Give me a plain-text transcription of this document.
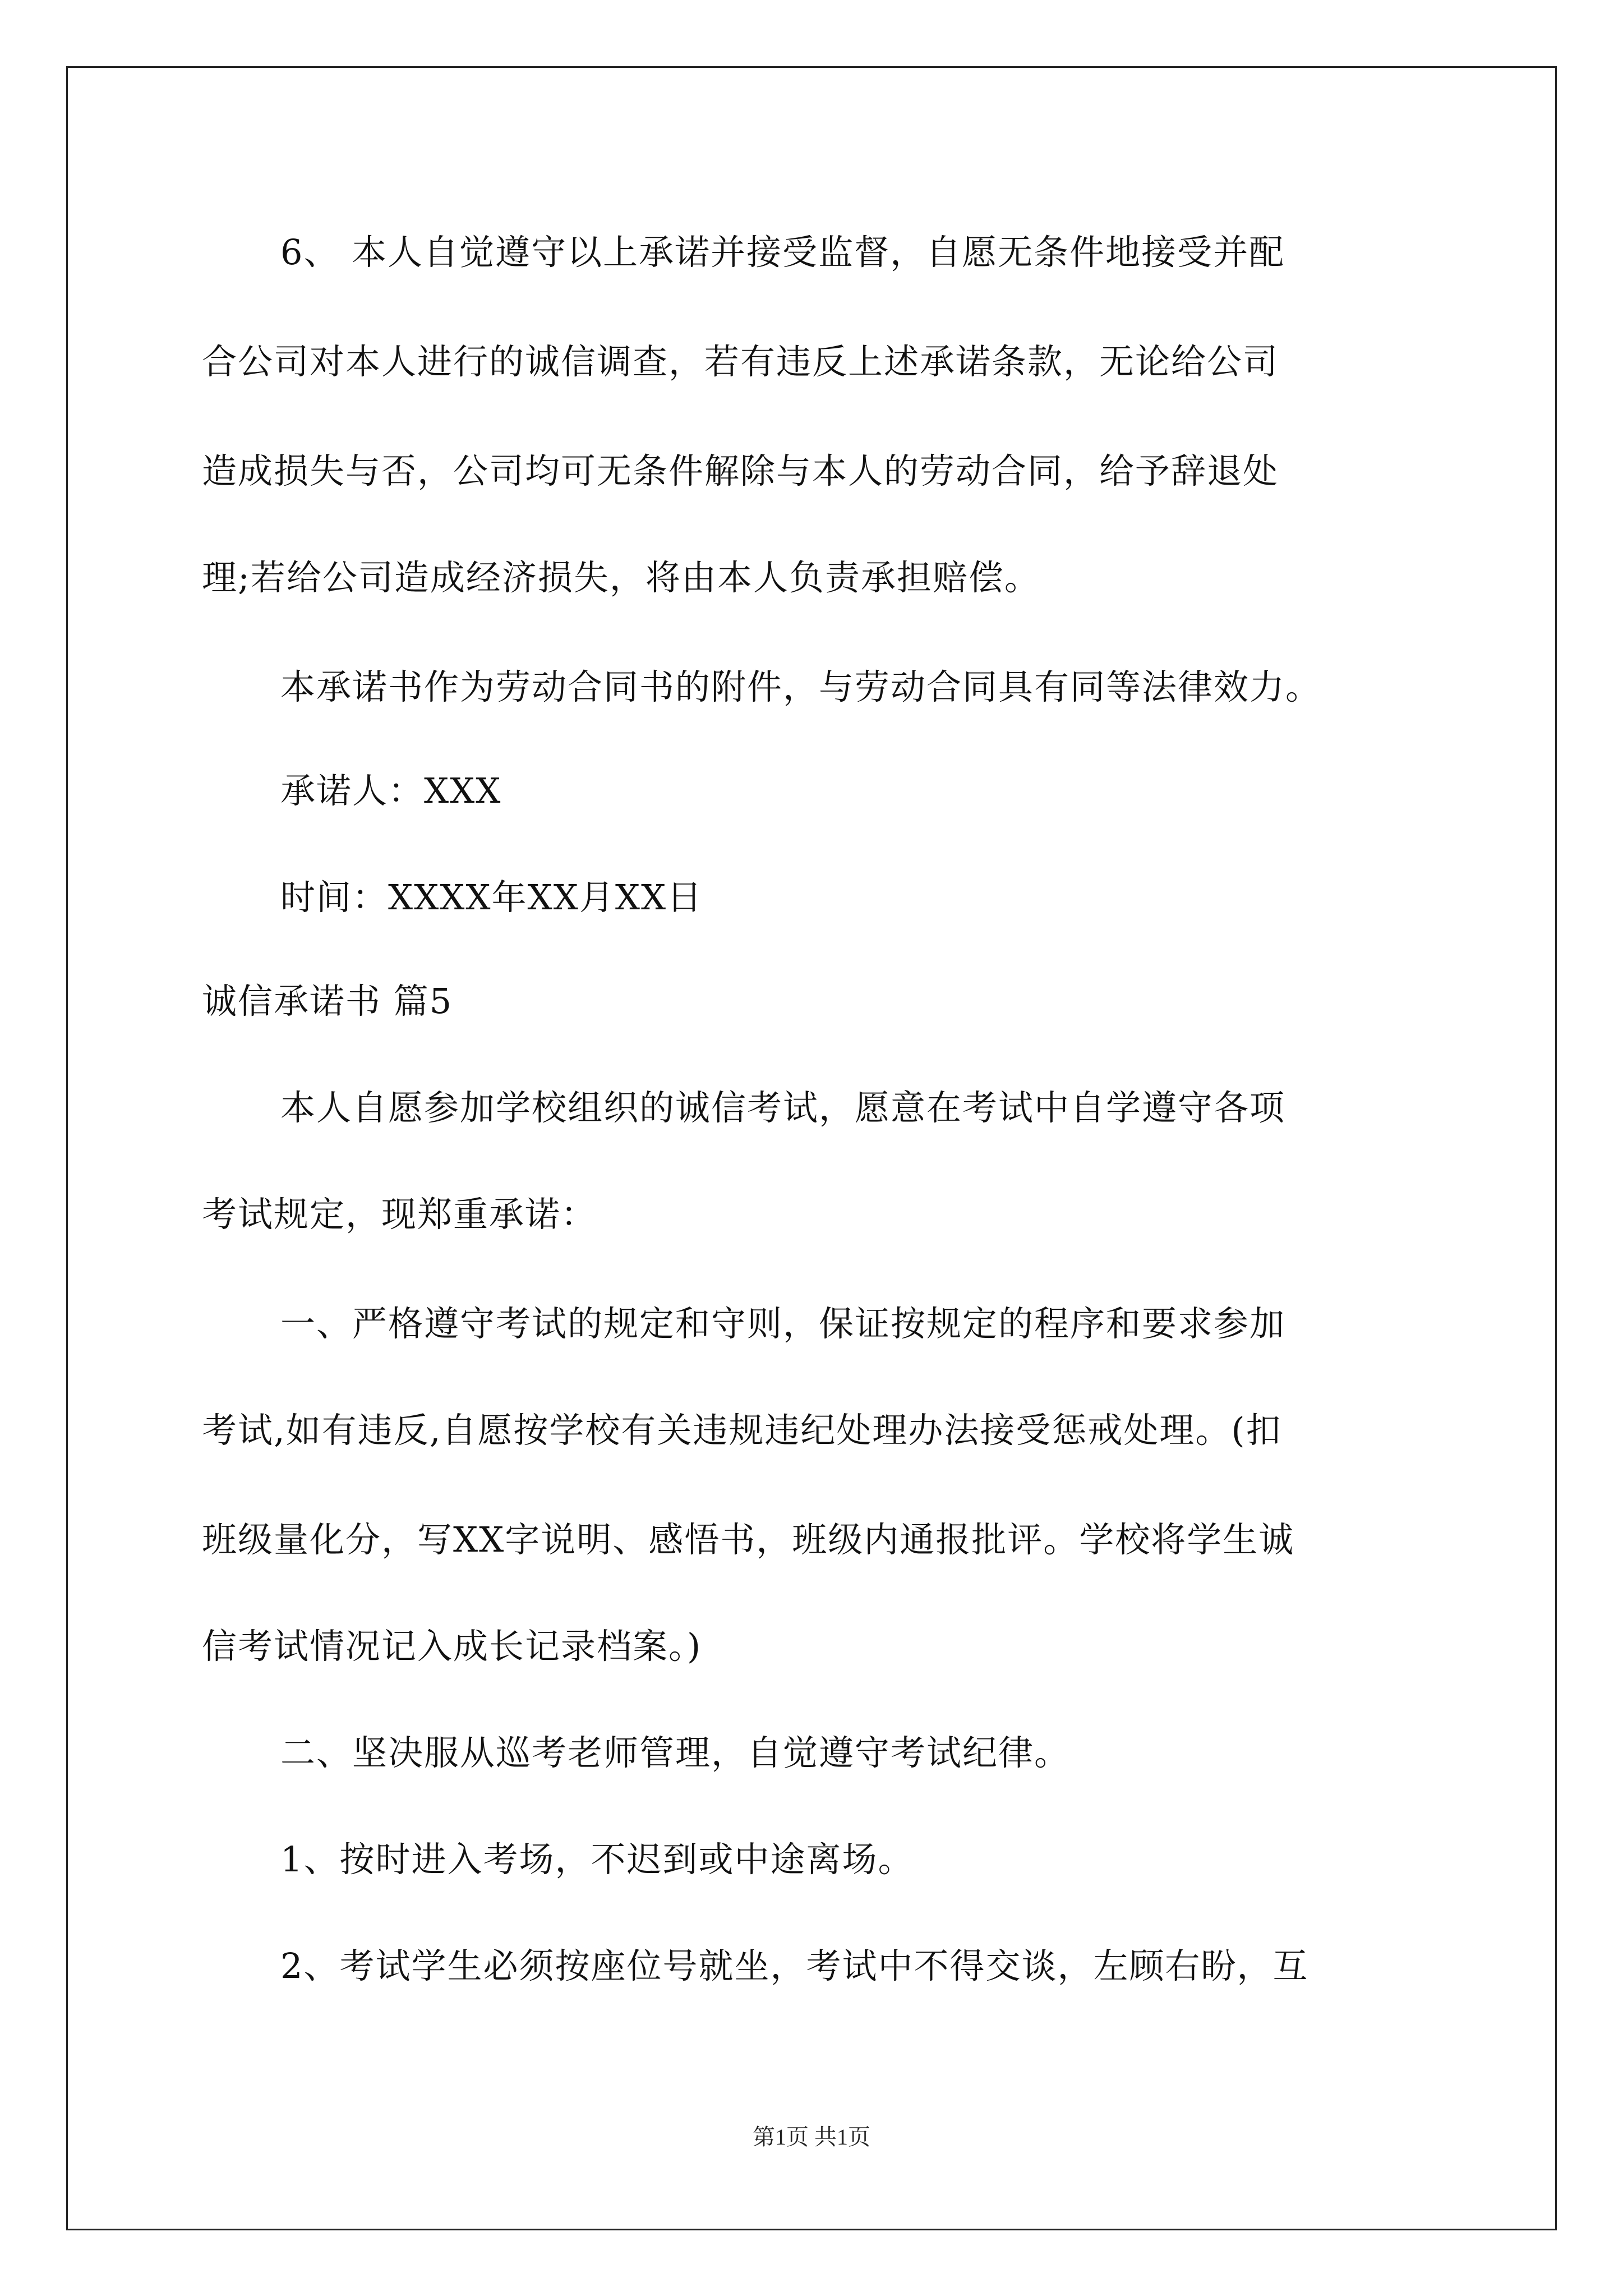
6、 本人自觉遵守以上承诺并接受监督，自愿无条件地接受并配
合公司对本人进行的诚信调查，若有违反上述承诺条款，无论给公司
造成损失与否，公司均可无条件解除与本人的劳动合同，给予辞退处
理;若给公司造成经济损失，将由本人负责承担赔偿。
本承诺书作为劳动合同书的附件，与劳动合同具有同等法律效力。
承诺人：XXX
时间：XXXX年XX月XX日
诚信承诺书 篇5
本人自愿参加学校组织的诚信考试，愿意在考试中自学遵守各项
考试规定，现郑重承诺：
一、严格遵守考试的规定和守则，保证按规定的程序和要求参加
考试,如有违反,自愿按学校有关违规违纪处理办法接受惩戒处理。(扣
班级量化分，写XX字说明、感悟书，班级内通报批评。学校将学生诚
信考试情况记入成长记录档案。)
二、坚决服从巡考老师管理，自觉遵守考试纪律。
1、按时进入考场，不迟到或中途离场。
2、考试学生必须按座位号就坐，考试中不得交谈，左顾右盼，互
第1页 共1页
